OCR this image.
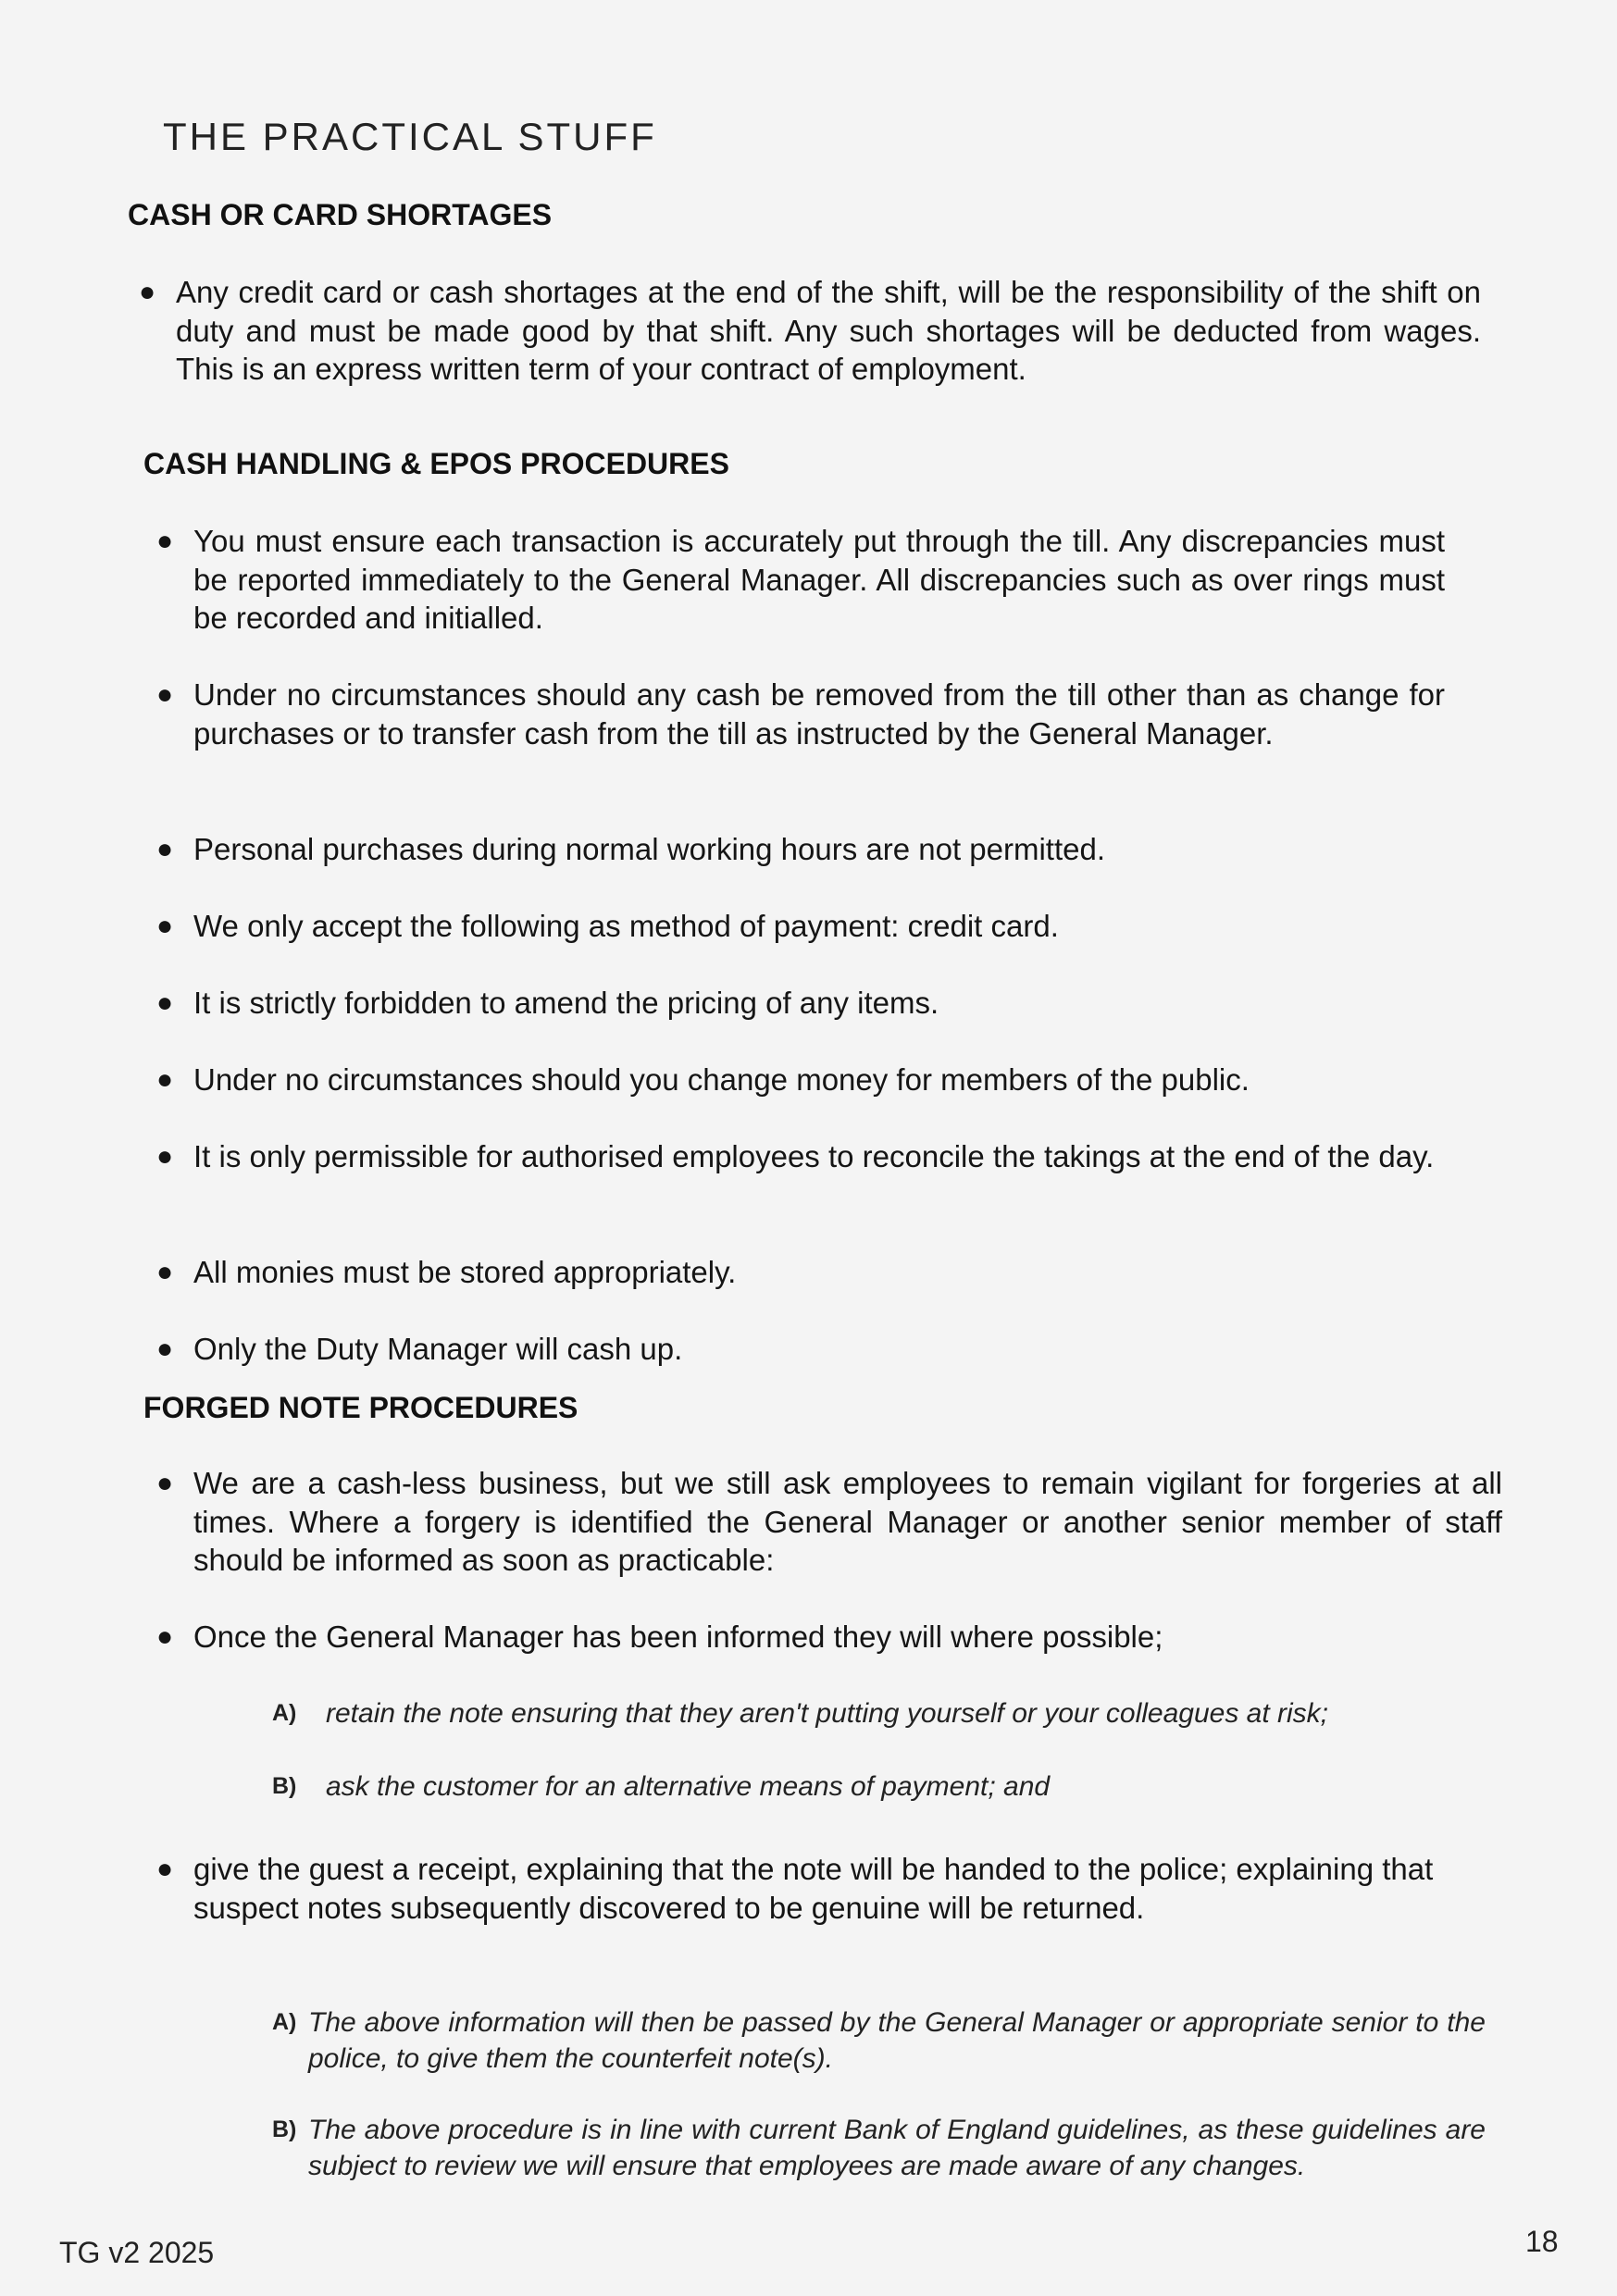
THE PRACTICAL STUFF
CASH OR CARD SHORTAGES
● Any credit card or cash shortages at the end of the shift, will be the responsibility of the shift on duty and must be made good by that shift. Any such shortages will be deducted from wages. This is an express written term of your contract of employment.
CASH HANDLING & EPOS PROCEDURES
● You must ensure each transaction is accurately put through the till. Any discrepancies must be reported immediately to the General Manager. All discrepancies such as over rings must be recorded and initialled.
● Under no circumstances should any cash be removed from the till other than as change for purchases or to transfer cash from the till as instructed by the General Manager.
● Personal purchases during normal working hours are not permitted.
● We only accept the following as method of payment: credit card.
● It is strictly forbidden to amend the pricing of any items.
● Under no circumstances should you change money for members of the public.
● It is only permissible for authorised employees to reconcile the takings at the end of the day.
● All monies must be stored appropriately.
● Only the Duty Manager will cash up.
FORGED NOTE PROCEDURES
● We are a cash-less business, but we still ask employees to remain vigilant for forgeries at all times. Where a forgery is identified the General Manager or another senior member of staff should be informed as soon as practicable:
● Once the General Manager has been informed they will where possible;
A) retain the note ensuring that they aren't putting yourself or your colleagues at risk;
B) ask the customer for an alternative means of payment; and
● give the guest a receipt, explaining that the note will be handed to the police; explaining that suspect notes subsequently discovered to be genuine will be returned.
A) The above information will then be passed by the General Manager or appropriate senior to the police, to give them the counterfeit note(s).
B) The above procedure is in line with current Bank of England guidelines, as these guidelines are subject to review we will ensure that employees are made aware of any changes.
TG v2 2025	18
